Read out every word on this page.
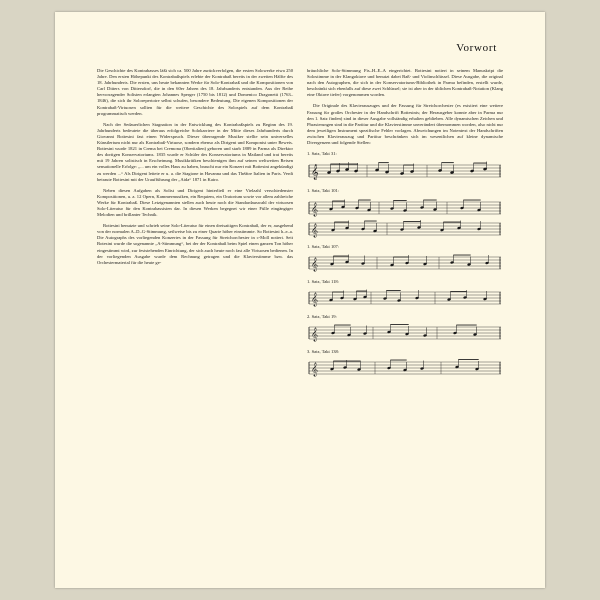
Vorwort

Die Geschichte des Kontrabasses läßt sich ca. 500 Jahre zurückverfolgen, die ersten Solowerke etwa 250 Jahre. Den ersten Höhepunkt des Kontrabaßspiels erlebte der Kontrabaß bereits in der zweiten Hälfte des 18. Jahrhunderts. Die ersten, uns heute bekannten Werke für Solo-Kontrabaß und die Kompositionen von Carl Ditters von Dittersdorf, die in den 60er Jahren des 18. Jahrhunderts entstanden. Aus der Reihe hervorragender Solisten erlangten Johannes Sperger (1750 bis 1812) und Domenico Dragonetti (1763–1846), die sich ihr Solorepertoire selbst schufen, besondere Bedeutung. Die eigenen Kompositionen der Kontrabaß-Virtuosen sollten für die weitere Geschichte des Solospiels auf dem Kontrabaß programmatisch werden.

Nach der Sedauerlichen Stagnation in der Entwicklung des Kontrabaßspiels zu Beginn des 19. Jahrhunderts bedeutete die überaus erfolgreiche Solokarriere in der Mitte dieses Jahrhunderts durch Giovanni Bottesini fast einen Widerspruch. Dieser überragende Musiker stellte sein universelles Künstlertum nicht nur als Kontrabaß-Virtuose, sondern ebenso als Dirigent und Komponist unter Beweis. Bottesini wurde 1821 in Crema bei Cremona (Oberitalien) geboren und starb 1889 in Parma als Direktor des dortigen Konservatoriums. 1835 wurde er Schüler des Konservatoriums in Mailand und trat bereits mit 19 Jahren solistisch in Erscheinung. Musikkritiken beschienigen ihm auf seinen weltweiten Reisen sensationelle Erfolge: „... um ein volles Haus zu haben, braucht nur ein Konzert mit Bottesini angekündigt zu werden ...“ Als Dirigent leitete er u. a. die Stagione in Havanna und das Théâtre Italien in Paris. Verdi betraute Bottesini mit der Uraufführung der „Aida“ 1871 in Kairo.

Neben diesen Aufgaben als Solist und Dirigent hinterließ er eine Vielzahl verschiedenster Kompositionen, u. a. 12 Opern, Kammermusiken, ein Requiem, ein Oratorium sowie vor allem zahlreiche Werke für Kontrabaß. Diese Letztgenannten stellen auch heute noch die Standardauswahl der virtuosen Solo-Literatur für den Kontrabassisten dar. In diesen Werken begegnet wir einer Fülle eingängiger Melodien und brillanter Technik.

Bottesini benutzte und schrieb seine Solo-Literatur für einen dreisaitigen Kontrabaß, der er, ausgehend von der normalen A–D–G-Stimmung, seilweise bis zu einer Quarte höher einstimmte. So Bottesini h–e–a. Die Autographs des vorliegenden Konzertes in der Fassung für Streichorchester in c-Moll notiert. Seit Botesini wurde die sogenannte „A-Stimmung“, bei der der Kontrabaß beim Spiel einen ganzen Ton höher eingestimmt wird, zur feststehenden Einrichtung, der sich auch heute noch fast alle Virtuosen bedienen. In der vorliegenden Ausgabe wurde dem Rechnung getragen und die Klavierstimme bzw. das Orchestermaterial für die heute ge-

bräuchliche Solo-Stimmung Fis–H–E–A eingerichtet. Bottesini notiert in seinem Manuskript die Solostimme in der Klangoktave und benutzt dabei Baß- und Violinschlüssel. Diese Ausgabe, die original nach den Autographen, die sich in der Konservatoriums-Bibliothek in Parma befinden, erstellt wurde, beschränkt sich ebenfalls auf diese zwei Schlüssel; sie ist aber in der üblichen Kontrabaß-Notation (Klang eine Oktave tiefer) vorgenommen worden.

Die Originale des Klavierauszuges und der Fassung für Streichorchester (es existiert eine weitere Fassung für großes Orchester in der Handschrift Bottesinis; der Herausgeber konnte aber in Parma nur den 1. Satz finden) sind in dieser Ausgabe vollständig erhalten geblieben. Alle dynamischen Zeichen und Phrasierungen sind in die Partitur und die Klavierstimme unverändert übernommen worden, also nicht nur dem jeweiligen Instrument spezifische Fehler vorlagen. Abweichungen im Notentext der Handschriften zwischen Klavierauszug und Partitur beschränken sich im wesentlichen auf kleine dynamische Divergenzen und folgende Stellen:

1. Satz, Takt 31:
𝄞
1. Satz, Takt 101:
𝄞
𝄞
1. Satz, Takt 107:
𝄞
1. Satz, Takt 118:
𝄞
2. Satz, Takt 19:
𝄞
3. Satz, Takt 138:
𝄞
